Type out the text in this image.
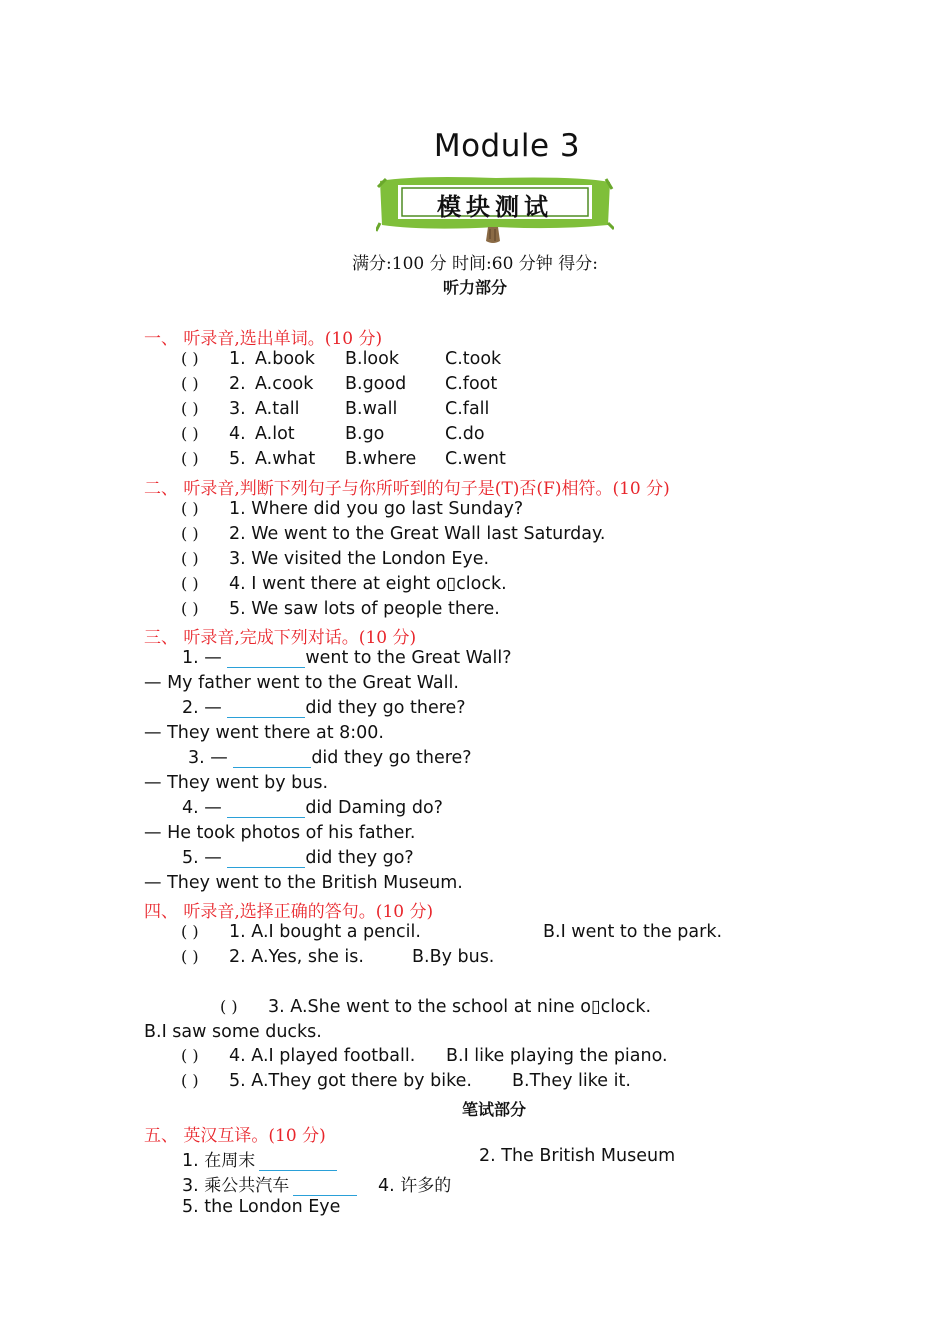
Module 3
模块测试
满分:100 分 时间:60 分钟 得分:
听力部分
一、 听录音,选出单词。(10 分)
( )	1. A.book B.look	C.took
( )	2. A.cook B.good C.foot
( )	3. A.tall	B.wall	C.fall
( )	4. A.lot	B.go	C.do
( )	5. A.what B.where C.went
二、 听录音,判断下列句子与你所听到的句子是(T)否(F)相符。(10 分)
( ) 1. Where did you go last Sunday?
( ) 2. We went to the Great Wall last Saturday.
( ) 3. We visited the London Eye.
( ) 4. I went there at eight o▯clock.
( ) 5. We saw lots of people there.
三、 听录音,完成下列对话。(10 分)
1. —	went to the Great Wall?
— My father went to the Great Wall.
2. —	did they go there?
— They went there at 8:00.
3. —	did they go there?
— They went by bus.
4. —	did Daming do?
— He took photos of his father.
5. —	did they go?
— They went to the British Museum.
四、 听录音,选择正确的答句。(10 分)
( ) 1. A.I bought a pencil.	B.I went to the park.
( ) 2. A.Yes, she is.	B.By bus.
( ) 3. A.She went to the school at nine o▯clock.
B.I saw some ducks.
( ) 4. A.I played football. B.I like playing the piano.
( ) 5. A.They got there by bike. B.They like it.
笔试部分
五、 英汉互译。(10 分)
1. 在周末	2. The British Museum
3. 乘公共汽车	4. 许多的
5. the London Eye
